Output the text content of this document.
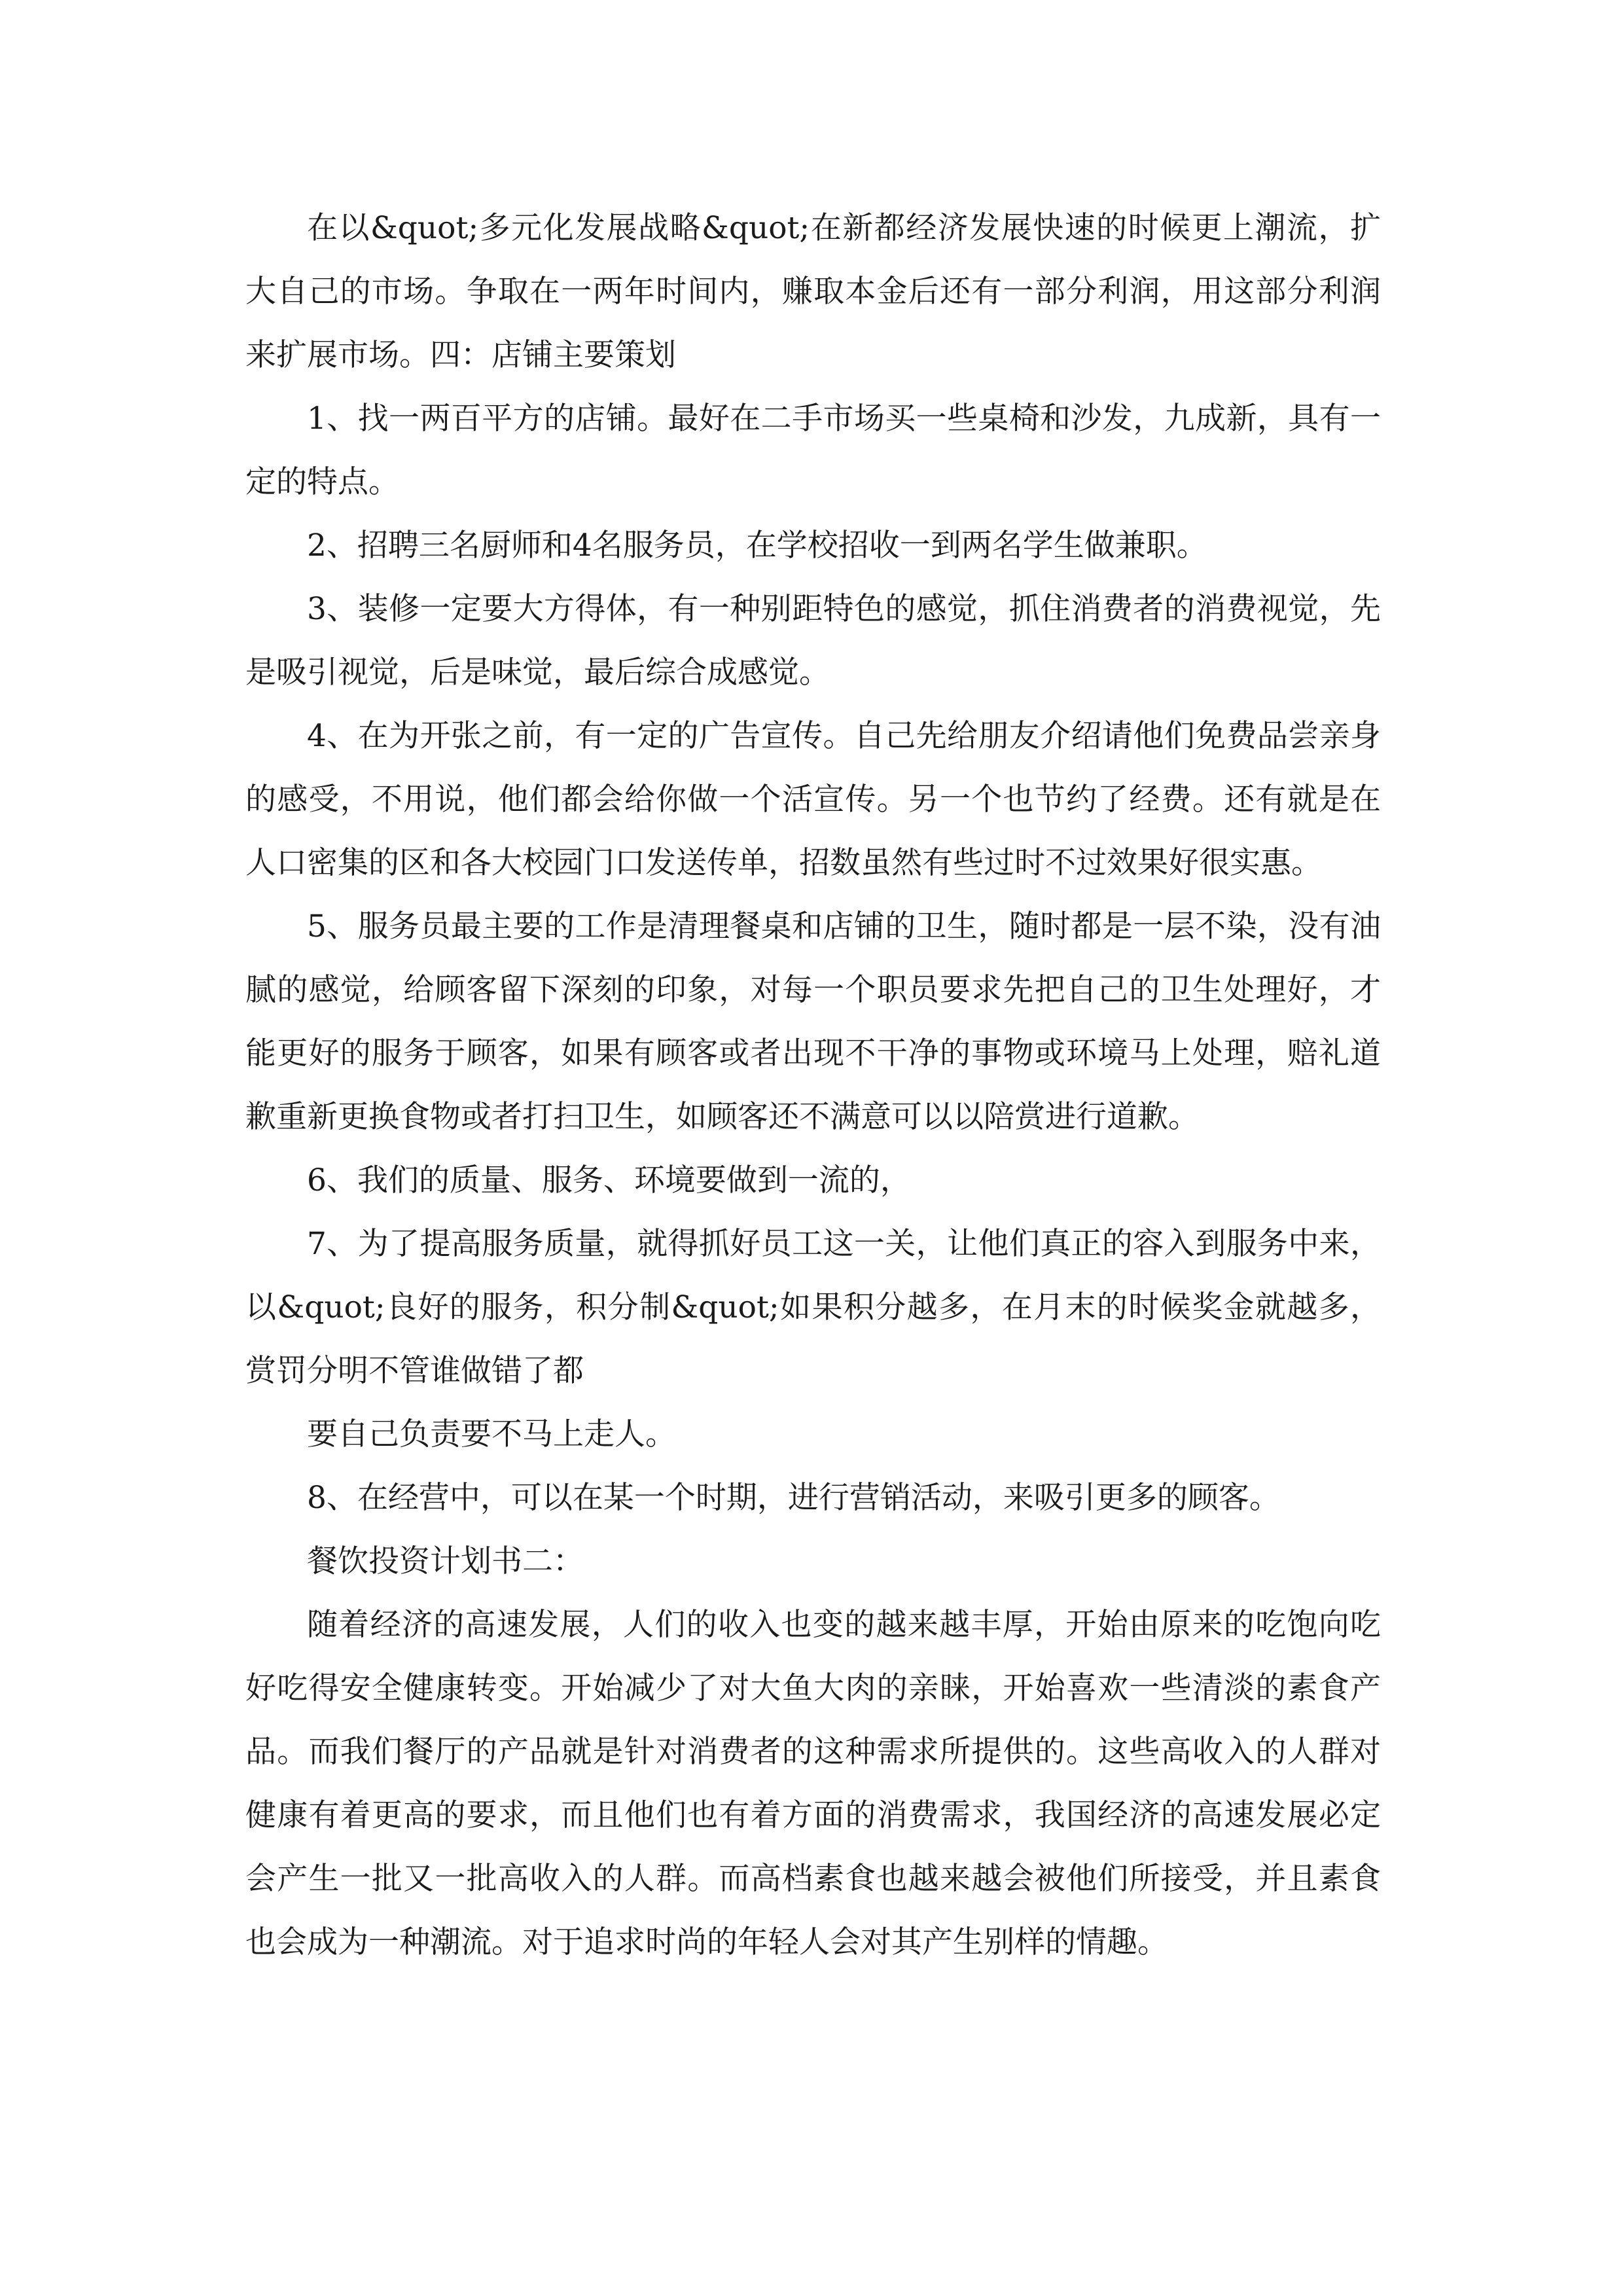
在以&quot;多元化发展战略&quot;在新都经济发展快速的时候更上潮流，扩大自己的市场。争取在一两年时间内，赚取本金后还有一部分利润，用这部分利润来扩展市场。四：店铺主要策划

1、找一两百平方的店铺。最好在二手市场买一些桌椅和沙发，九成新，具有一定的特点。

2、招聘三名厨师和4名服务员，在学校招收一到两名学生做兼职。

3、装修一定要大方得体，有一种别距特色的感觉，抓住消费者的消费视觉，先是吸引视觉，后是味觉，最后综合成感觉。

4、在为开张之前，有一定的广告宣传。自己先给朋友介绍请他们免费品尝亲身的感受，不用说，他们都会给你做一个活宣传。另一个也节约了经费。还有就是在人口密集的区和各大校园门口发送传单，招数虽然有些过时不过效果好很实惠。

5、服务员最主要的工作是清理餐桌和店铺的卫生，随时都是一层不染，没有油腻的感觉，给顾客留下深刻的印象，对每一个职员要求先把自己的卫生处理好，才能更好的服务于顾客，如果有顾客或者出现不干净的事物或环境马上处理，赔礼道歉重新更换食物或者打扫卫生，如顾客还不满意可以以陪赏进行道歉。

6、我们的质量、服务、环境要做到一流的，

7、为了提高服务质量，就得抓好员工这一关，让他们真正的容入到服务中来，以&quot;良好的服务，积分制&quot;如果积分越多，在月末的时候奖金就越多，赏罚分明不管谁做错了都

要自己负责要不马上走人。

8、在经营中，可以在某一个时期，进行营销活动，来吸引更多的顾客。

餐饮投资计划书二：

随着经济的高速发展，人们的收入也变的越来越丰厚，开始由原来的吃饱向吃好吃得安全健康转变。开始减少了对大鱼大肉的亲睐，开始喜欢一些清淡的素食产品。而我们餐厅的产品就是针对消费者的这种需求所提供的。这些高收入的人群对健康有着更高的要求，而且他们也有着方面的消费需求，我国经济的高速发展必定会产生一批又一批高收入的人群。而高档素食也越来越会被他们所接受，并且素食也会成为一种潮流。对于追求时尚的年轻人会对其产生别样的情趣。
